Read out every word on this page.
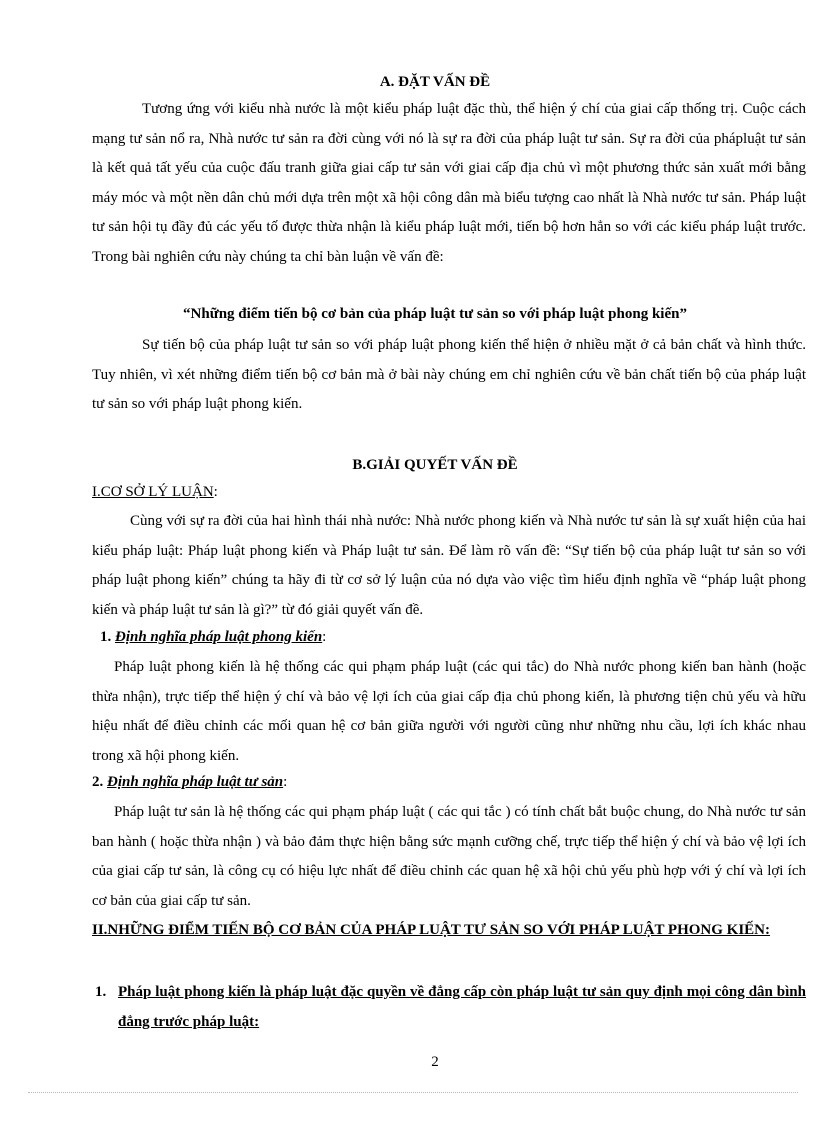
A. ĐẶT VẤN ĐỀ

Tương ứng với kiểu nhà nước là một kiểu pháp luật đặc thù, thể hiện ý chí của giai cấp thống trị. Cuộc cách mạng tư sản nổ ra, Nhà nước tư sản ra đời cùng với nó là sự ra đời của pháp luật tư sản. Sự ra đời của phápluật tư sản là kết quả tất yếu của cuộc đấu tranh giữa giai cấp tư sản với giai cấp địa chủ vì một phương thức sản xuất mới bằng máy móc và một nền dân chủ mới dựa trên một xã hội công dân mà biểu tượng cao nhất là Nhà nước tư sản. Pháp luật tư sản hội tụ đầy đủ các yếu tố được thừa nhận là kiểu pháp luật mới, tiến bộ hơn hẳn so với các kiểu pháp luật trước. Trong bài nghiên cứu này chúng ta chỉ bàn luận về vấn đề:

“Những điểm tiến bộ cơ bản của pháp luật tư sản so với pháp luật phong kiến”

Sự tiến bộ của pháp luật tư sản so với pháp luật phong kiến thể hiện ở nhiều mặt ở cả bản chất và hình thức. Tuy nhiên, vì xét những điểm tiến bộ cơ bản mà ở bài này chúng em chỉ nghiên cứu về bản chất tiến bộ của pháp luật tư sản so với pháp luật phong kiến.

B.GIẢI QUYẾT VẤN ĐỀ
I.CƠ SỞ LÝ LUẬN:

Cùng với sự ra đời của hai hình thái nhà nước: Nhà nước phong kiến và Nhà nước tư sản là sự xuất hiện của hai kiểu pháp luật: Pháp luật phong kiến và Pháp luật tư sản. Để làm rõ vấn đề: “Sự tiến bộ của pháp luật tư sản so với pháp luật phong kiến” chúng ta hãy đi từ cơ sở lý luận của nó dựa vào việc tìm hiểu định nghĩa về “pháp luật phong kiến và pháp luật tư sản là gì?” từ đó giải quyết vấn đề.

1. Định nghĩa pháp luật phong kiến:

Pháp luật phong kiến là hệ thống các qui phạm pháp luật (các qui tắc) do Nhà nước phong kiến ban hành (hoặc thừa nhận), trực tiếp thể hiện ý chí và bảo vệ lợi ích của giai cấp địa chủ phong kiến, là phương tiện chủ yếu và hữu hiệu nhất để điều chỉnh các mối quan hệ cơ bản giữa người với người cũng như những nhu cầu, lợi ích khác nhau trong xã hội phong kiến.

2. Định nghĩa pháp luật tư sản:

Pháp luật tư sản là hệ thống các qui phạm pháp luật ( các qui tắc ) có tính chất bắt buộc chung, do Nhà nước tư sản ban hành ( hoặc thừa nhận ) và bảo đảm thực hiện bằng sức mạnh cưỡng chế, trực tiếp thể hiện ý chí và bảo vệ lợi ích của giai cấp tư sản, là công cụ có hiệu lực nhất để điều chỉnh các quan hệ xã hội chủ yếu phù hợp với ý chí và lợi ích cơ bản của giai cấp tư sản.

II.NHỮNG ĐIỂM TIẾN BỘ CƠ BẢN CỦA PHÁP LUẬT TƯ SẢN SO VỚI PHÁP LUẬT PHONG KIẾN:

1. Pháp luật phong kiến là pháp luật đặc quyền về đẳng cấp còn pháp luật tư sản quy định mọi công dân bình đẳng trước pháp luật:

2
